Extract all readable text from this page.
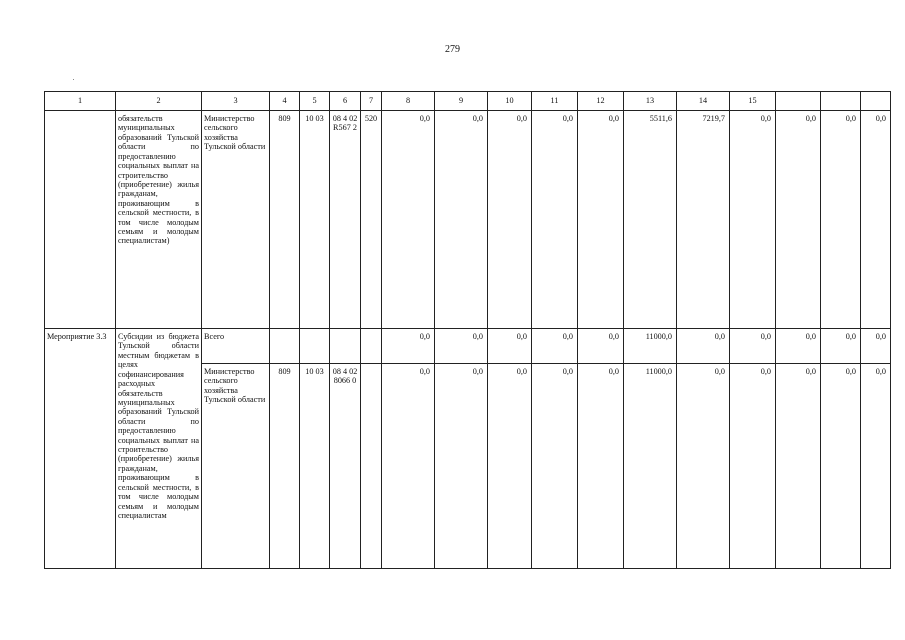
279
1	2	3	4	5	6	7	8	9	10	11	12	13	14	15			
	обязательств муниципальных образований Тульской области по предоставлению социальных выплат на строительство (приобретение) жилья гражданам, проживающим в сельской местности, в том числе молодым семьям и молодым специалистам)	Министерство сельского хозяйства Тульской области	809	10 03	08 4 02 R567 2	520	0,0	0,0	0,0	0,0	0,0	5511,6	7219,7	0,0	0,0	0,0	0,0
Мероприятие 3.3	Субсидии из бюджета Тульской области местным бюджетам в целях софинансирования расходных обязательств муниципальных образований Тульской области по предоставлению социальных выплат на строительство (приобретение) жилья гражданам, проживающим в сельской местности, в том числе молодым семьям и молодым специалистам	Всего					0,0	0,0	0,0	0,0	0,0	11000,0	0,0	0,0	0,0	0,0	0,0
		Министерство сельского хозяйства Тульской области	809	10 03	08 4 02 8066 0		0,0	0,0	0,0	0,0	0,0	11000,0	0,0	0,0	0,0	0,0	0,0
